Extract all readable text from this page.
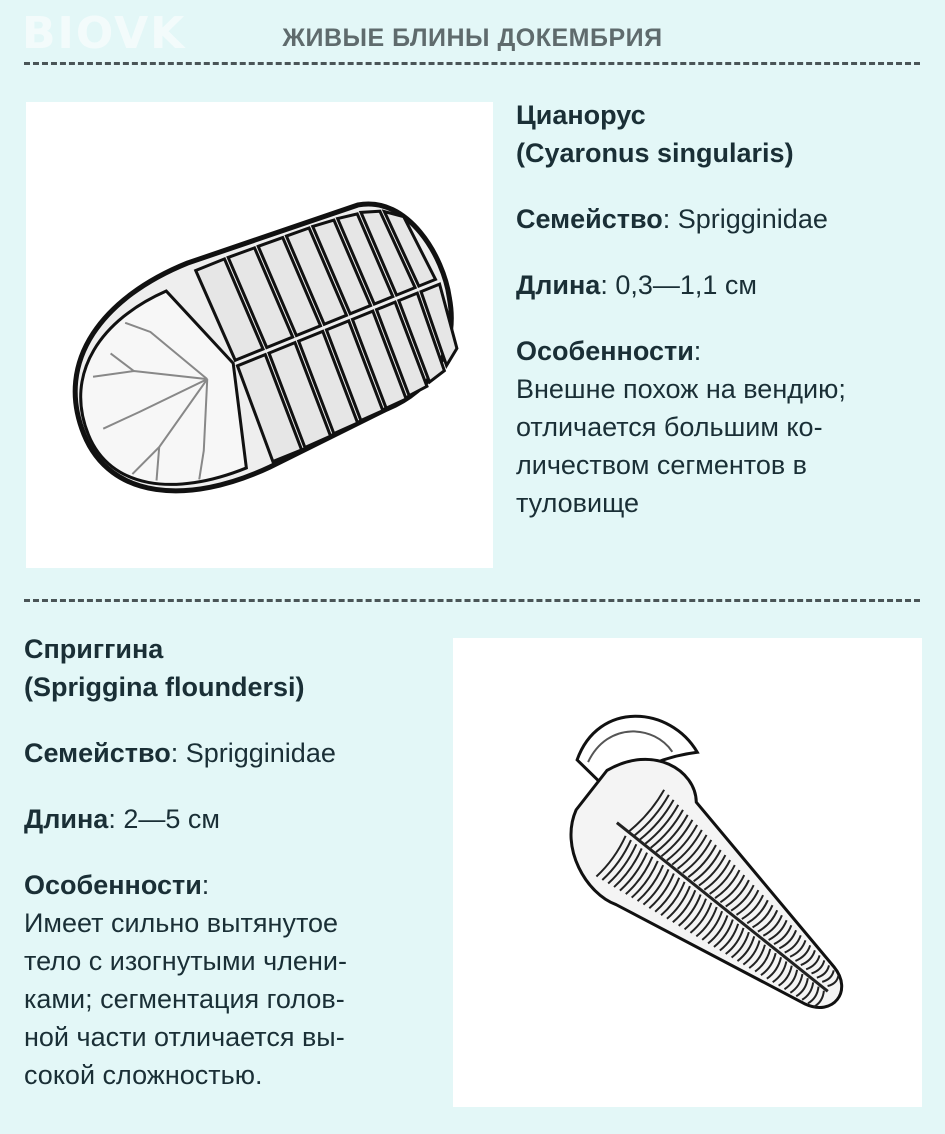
BIOVK	ЖИВЫЕ БЛИНЫ ДОКЕМБРИЯ
Цианорус
(Cyaronus singularis)
Семейство: Sprigginidae
Длина: 0,3—1,1 см
Особенности:
Внешне похож на вендию;
отличается большим ко-
личеством сегментов в
туловище
Сприггина
(Spriggina floundersi)
Семейство: Sprigginidae
Длина: 2—5 см
Особенности:
Имеет сильно вытянутое
тело с изогнутыми члени-
ками; сегментация голов-
ной части отличается вы-
сокой сложностью.
